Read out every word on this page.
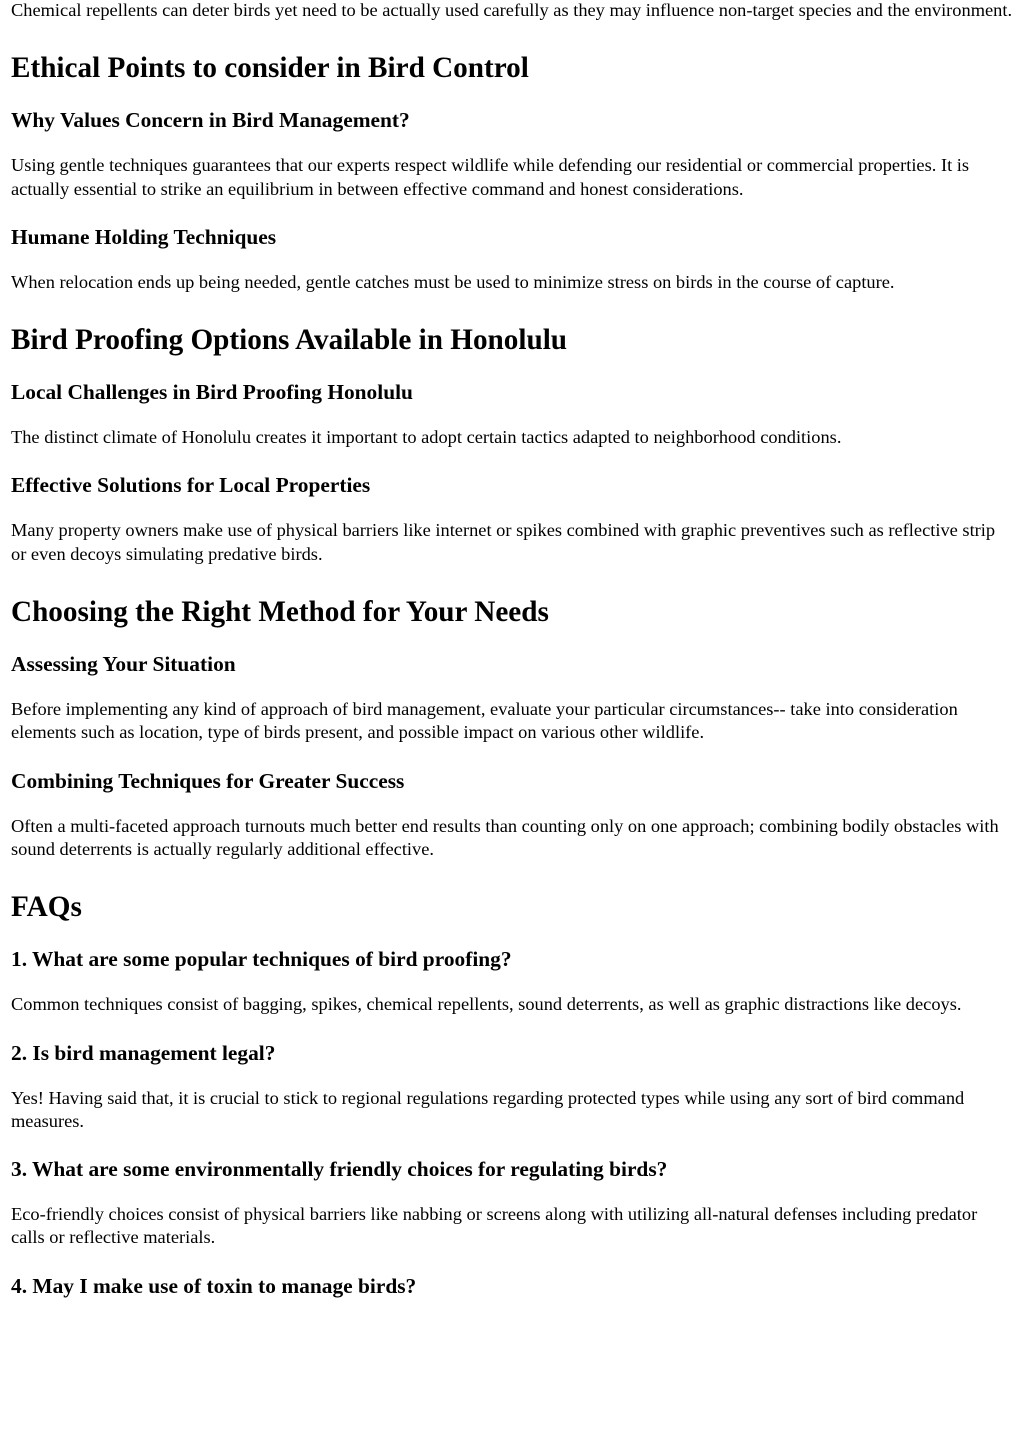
Chemical repellents can deter birds yet need to be actually used carefully as they may influence non-target species and the environment.

Ethical Points to consider in Bird Control
Why Values Concern in Bird Management?

Using gentle techniques guarantees that our experts respect wildlife while defending our residential or commercial properties. It is actually essential to strike an equilibrium in between effective command and honest considerations.

Humane Holding Techniques

When relocation ends up being needed, gentle catches must be used to minimize stress on birds in the course of capture.

Bird Proofing Options Available in Honolulu
Local Challenges in Bird Proofing Honolulu

The distinct climate of Honolulu creates it important to adopt certain tactics adapted to neighborhood conditions.

Effective Solutions for Local Properties

Many property owners make use of physical barriers like internet or spikes combined with graphic preventives such as reflective strip or even decoys simulating predative birds.

Choosing the Right Method for Your Needs
Assessing Your Situation

Before implementing any kind of approach of bird management, evaluate your particular circumstances-- take into consideration elements such as location, type of birds present, and possible impact on various other wildlife.

Combining Techniques for Greater Success

Often a multi-faceted approach turnouts much better end results than counting only on one approach; combining bodily obstacles with sound deterrents is actually regularly additional effective.

FAQs
1. What are some popular techniques of bird proofing?

Common techniques consist of bagging, spikes, chemical repellents, sound deterrents, as well as graphic distractions like decoys.

2. Is bird management legal?

Yes! Having said that, it is crucial to stick to regional regulations regarding protected types while using any sort of bird command measures.

3. What are some environmentally friendly choices for regulating birds?

Eco-friendly choices consist of physical barriers like nabbing or screens along with utilizing all-natural defenses including predator calls or reflective materials.

4. May I make use of toxin to manage birds?
